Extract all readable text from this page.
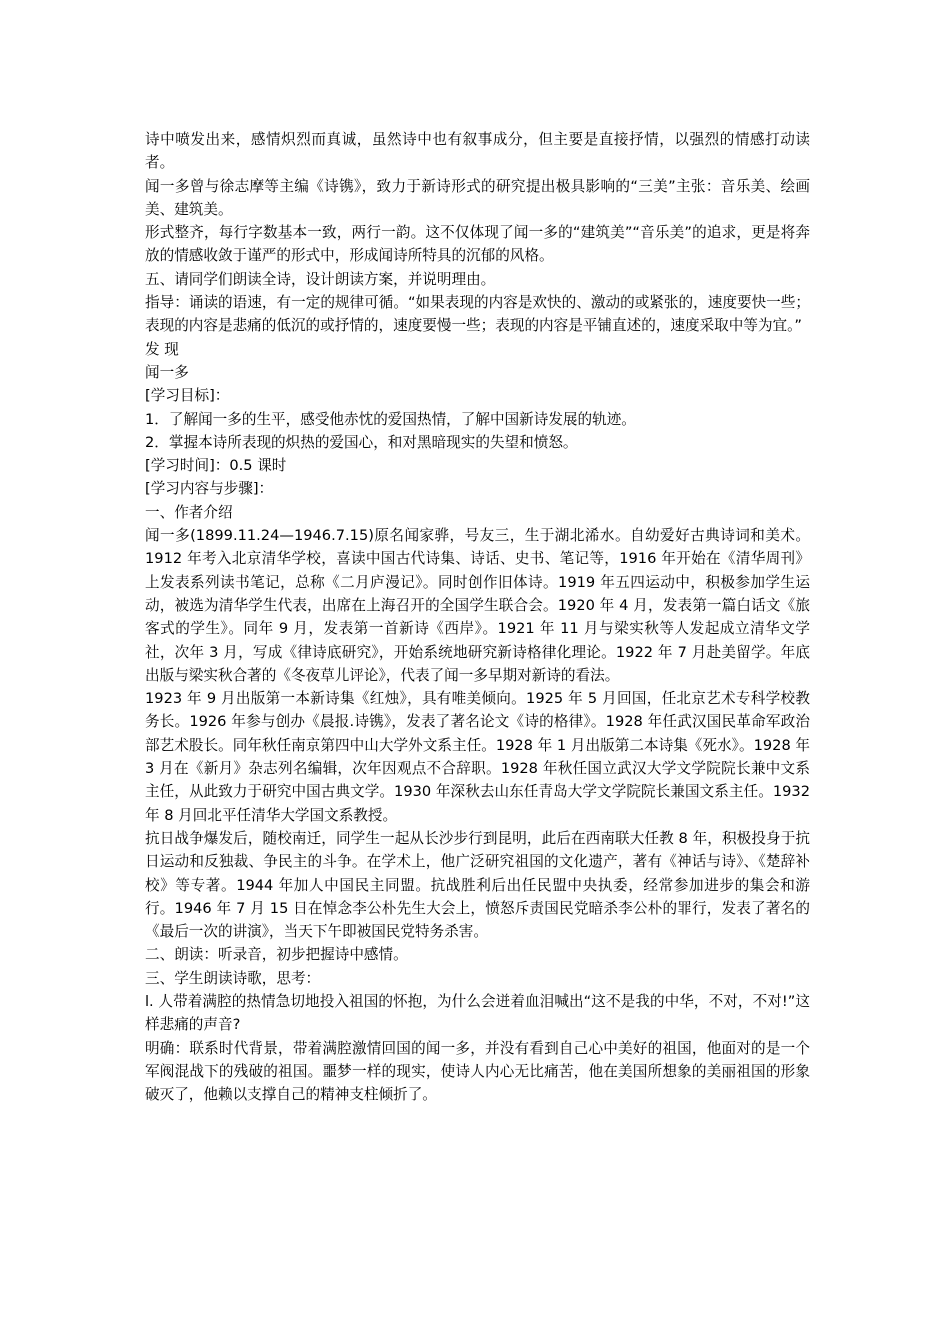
诗中喷发出来，感情炽烈而真诚，虽然诗中也有叙事成分，但主要是直接抒情，以强烈的情感打动读者。

闻一多曾与徐志摩等主编《诗镌》，致力于新诗形式的研究提出极具影响的“三美”主张：音乐美、绘画美、建筑美。

形式整齐，每行字数基本一致，两行一韵。这不仅体现了闻一多的“建筑美”“音乐美”的追求，更是将奔放的情感收敛于谨严的形式中，形成闻诗所特具的沉郁的风格。

五、请同学们朗读全诗，设计朗读方案，并说明理由。

指导：诵读的语速，有一定的规律可循。“如果表现的内容是欢快的、激动的或紧张的，速度要快一些；表现的内容是悲痛的低沉的或抒情的，速度要慢一些；表现的内容是平铺直述的，速度采取中等为宜。”

发 现

闻一多

[学习目标]：

1．了解闻一多的生平，感受他赤忱的爱国热情，了解中国新诗发展的轨迹。

2．掌握本诗所表现的炽热的爱国心，和对黑暗现实的失望和愤怒。

[学习时间]：0.5 课时

[学习内容与步骤]：

一、作者介绍

闻一多(1899.11.24—1946.7.15)原名闻家骅，号友三，生于湖北浠水。自幼爱好古典诗词和美术。1912 年考入北京清华学校，喜读中国古代诗集、诗话、史书、笔记等，1916 年开始在《清华周刊》上发表系列读书笔记，总称《二月庐漫记》。同时创作旧体诗。1919 年五四运动中，积极参加学生运动，被选为清华学生代表，出席在上海召开的全国学生联合会。1920 年 4 月，发表第一篇白话文《旅客式的学生》。同年 9 月，发表第一首新诗《西岸》。1921 年 11 月与梁实秋等人发起成立清华文学社，次年 3 月，写成《律诗底研究》，开始系统地研究新诗格律化理论。1922 年 7 月赴美留学。年底出版与梁实秋合著的《冬夜草儿评论》，代表了闻一多早期对新诗的看法。

1923 年 9 月出版第一本新诗集《红烛》，具有唯美倾向。1925 年 5 月回国，任北京艺术专科学校教务长。1926 年参与创办《晨报.诗镌》，发表了著名论文《诗的格律》。1928 年任武汉国民革命军政治部艺术股长。同年秋任南京第四中山大学外文系主任。1928 年 1 月出版第二本诗集《死水》。1928 年 3 月在《新月》杂志列名编辑，次年因观点不合辞职。1928 年秋任国立武汉大学文学院院长兼中文系主任，从此致力于研究中国古典文学。1930 年深秋去山东任青岛大学文学院院长兼国文系主任。1932 年 8 月回北平任清华大学国文系教授。

抗日战争爆发后，随校南迁，同学生一起从长沙步行到昆明，此后在西南联大任教 8 年，积极投身于抗日运动和反独裁、争民主的斗争。在学术上，他广泛研究祖国的文化遗产，著有《神话与诗》、《楚辞补校》等专著。1944 年加人中国民主同盟。抗战胜利后出任民盟中央执委，经常参加进步的集会和游行。1946 年 7 月 15 日在悼念李公朴先生大会上，愤怒斥责国民党暗杀李公朴的罪行，发表了著名的《最后一次的讲演》，当天下午即被国民党特务杀害。

二、朗读：听录音，初步把握诗中感情。

三、学生朗读诗歌，思考：

l. 人带着满腔的热情急切地投入祖国的怀抱，为什么会迸着血泪喊出“这不是我的中华，不对，不对!”这样悲痛的声音?

明确：联系时代背景，带着满腔激情回国的闻一多，并没有看到自己心中美好的祖国，他面对的是一个军阀混战下的残破的祖国。噩梦一样的现实，使诗人内心无比痛苦，他在美国所想象的美丽祖国的形象破灭了，他赖以支撑自己的精神支柱倾折了。
